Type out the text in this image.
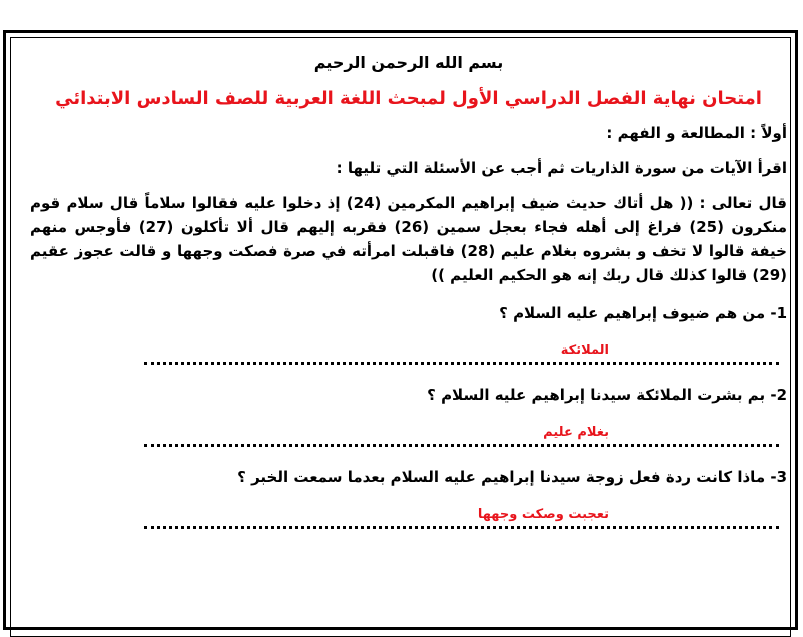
بسم الله الرحمن الرحيم
امتحان نهاية الفصل الدراسي الأول لمبحث اللغة العربية للصف السادس الابتدائي
أولاً : المطالعة و الفهم :
اقرأ الآيات من سورة الذاريات ثم أجب عن الأسئلة التي تليها :
قال تعالى : (( هل أتاك حديث ضيف إبراهيم المكرمين (24) إذ دخلوا عليه فقالوا سلاماً قال سلام قوم منكرون (25) فراغ إلى أهله فجاء بعجل سمين (26) فقربه إليهم قال ألا تأكلون (27) فأوجس منهم خيفة قالوا لا تخف و بشروه بغلام عليم (28) فاقبلت امرأته في صرة فصكت وجهها و قالت عجوز عقيم (29) قالوا كذلك قال ربك إنه هو الحكيم العليم ))
1- من هم ضيوف إبراهيم عليه السلام ؟
الملائكة
2- بم بشرت الملائكة سيدنا إبراهيم عليه السلام ؟
بغلام عليم
3- ماذا كانت ردة فعل زوجة سيدنا إبراهيم عليه السلام بعدما سمعت الخبر ؟
تعجبت وصكت وجهها
